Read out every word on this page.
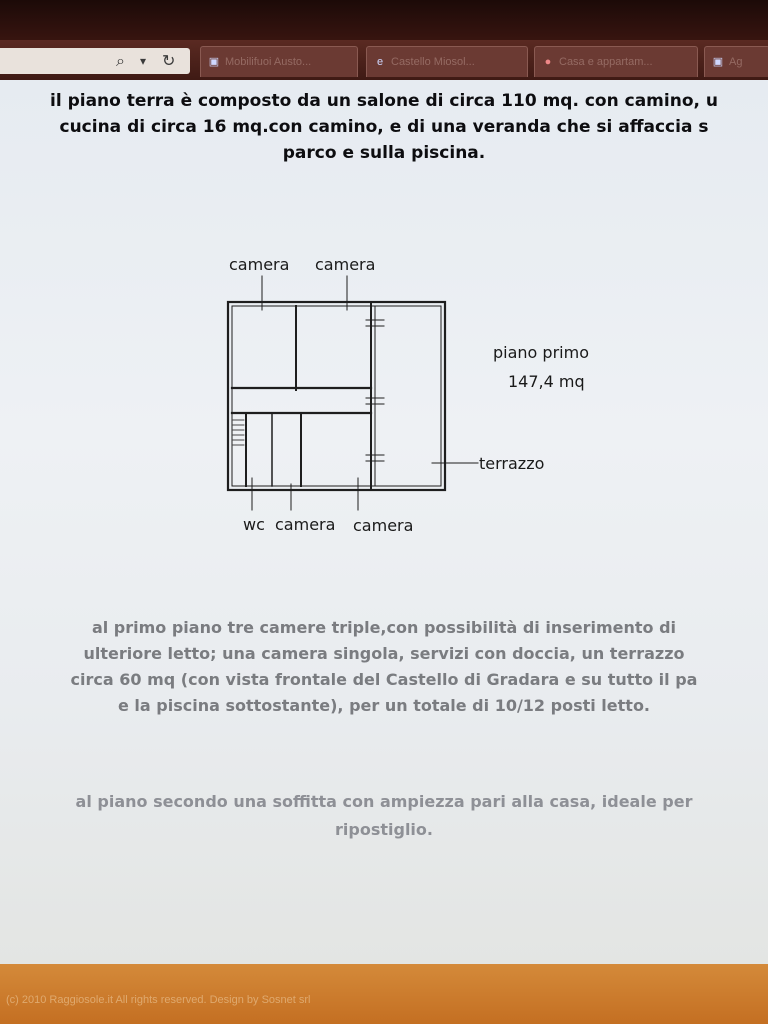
⌕ ▾ ↻	▣ Mobilifuoi Austo...	e Castello Miosol...	● Casa e appartam...	▣ Ag
il piano terra è composto da un salone di circa 110 mq. con camino, u
cucina di circa 16 mq.con camino, e di una veranda che si affaccia s
parco e sulla piscina.
camera camera
piano primo
147,4 mq
terrazzo
wc camera camera
al primo piano tre camere triple,con possibilità di inserimento di
ulteriore letto; una camera singola, servizi con doccia, un terrazzo
circa 60 mq (con vista frontale del Castello di Gradara e su tutto il pa
e la piscina sottostante), per un totale di 10/12 posti letto.
al piano secondo una soffitta con ampiezza pari alla casa, ideale per
ripostiglio.
(c) 2010 Raggiosole.it All rights reserved. Design by Sosnet srl
